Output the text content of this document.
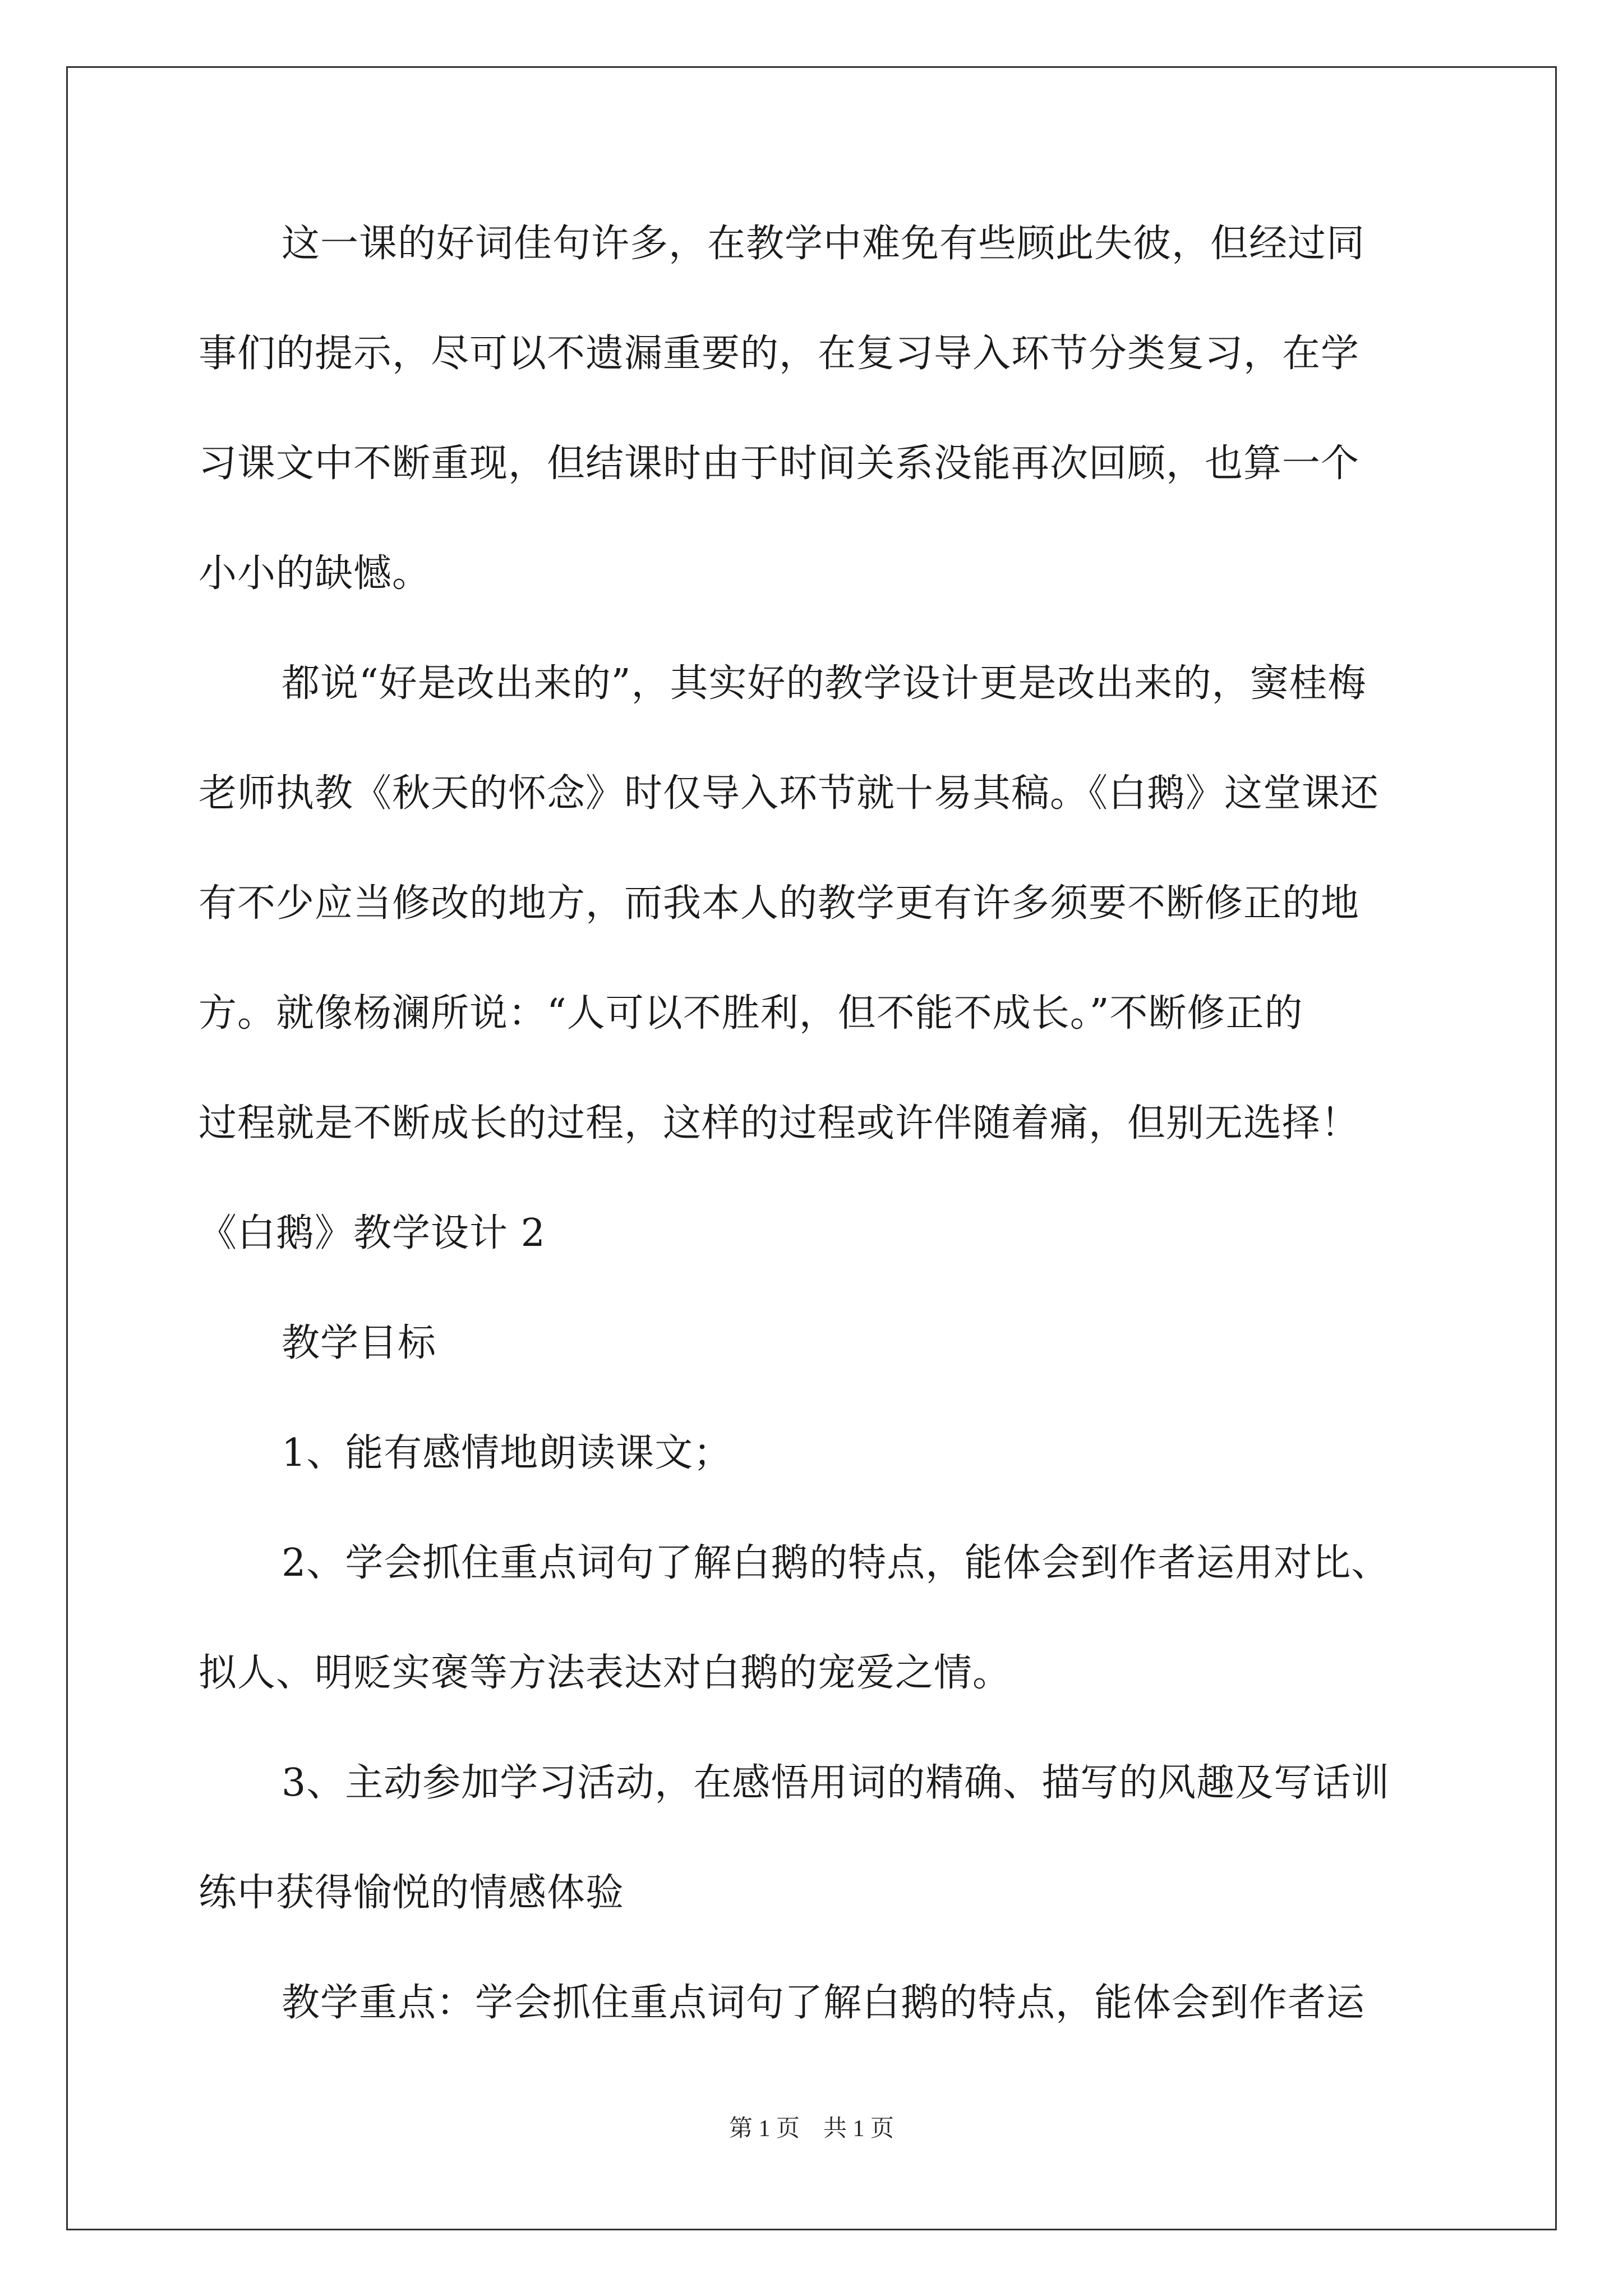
这一课的好词佳句许多，在教学中难免有些顾此失彼，但经过同
事们的提示，尽可以不遗漏重要的，在复习导入环节分类复习，在学
习课文中不断重现，但结课时由于时间关系没能再次回顾，也算一个
小小的缺憾。
都说“好是改出来的”，其实好的教学设计更是改出来的，窦桂梅
老师执教《秋天的怀念》时仅导入环节就十易其稿。《白鹅》这堂课还
有不少应当修改的地方，而我本人的教学更有许多须要不断修正的地
方。就像杨澜所说：“人可以不胜利，但不能不成长。”不断修正的
过程就是不断成长的过程，这样的过程或许伴随着痛，但别无选择！
《白鹅》教学设计 2
教学目标
1、能有感情地朗读课文；
2、学会抓住重点词句了解白鹅的特点，能体会到作者运用对比、
拟人、明贬实褒等方法表达对白鹅的宠爱之情。
3、主动参加学习活动，在感悟用词的精确、描写的风趣及写话训
练中获得愉悦的情感体验
教学重点：学会抓住重点词句了解白鹅的特点，能体会到作者运
第 1 页　共 1 页
